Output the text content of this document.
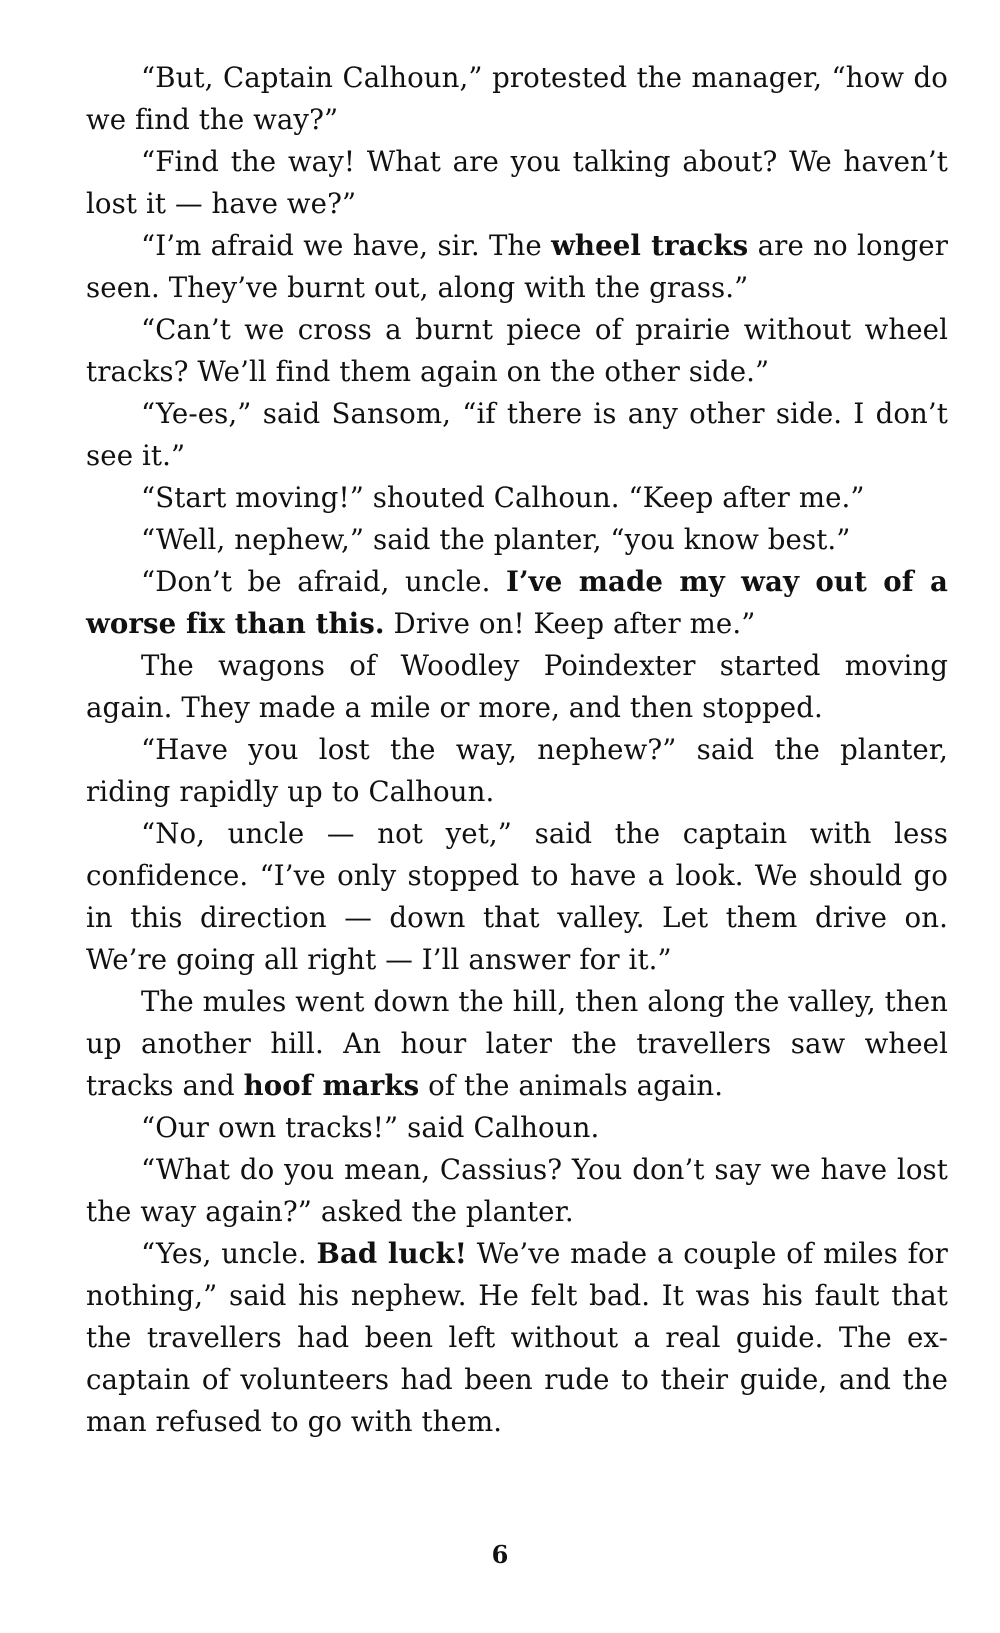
“But, Captain Calhoun,” protested the manager, “how do we find the way?”

“Find the way! What are you talking about? We haven’t lost it — have we?”

“I’m afraid we have, sir. The wheel tracks are no longer seen. They’ve burnt out, along with the grass.”

“Can’t we cross a burnt piece of prairie without wheel tracks? We’ll find them again on the other side.”

“Ye-es,” said Sansom, “if there is any other side. I don’t see it.”

“Start moving!” shouted Calhoun. “Keep after me.”

“Well, nephew,” said the planter, “you know best.”

“Don’t be afraid, uncle. I’ve made my way out of a worse fix than this. Drive on! Keep after me.”

The wagons of Woodley Poindexter started moving again. They made a mile or more, and then stopped.

“Have you lost the way, nephew?” said the planter, riding rapidly up to Calhoun.

“No, uncle — not yet,” said the captain with less confidence. “I’ve only stopped to have a look. We should go in this direction — down that valley. Let them drive on. We’re going all right — I’ll answer for it.”

The mules went down the hill, then along the valley, then up another hill. An hour later the travellers saw wheel tracks and hoof marks of the animals again.

“Our own tracks!” said Calhoun.

“What do you mean, Cassius? You don’t say we have lost the way again?” asked the planter.

“Yes, uncle. Bad luck! We’ve made a couple of miles for nothing,” said his nephew. He felt bad. It was his fault that the travellers had been left without a real guide. The ex-captain of volunteers had been rude to their guide, and the man refused to go with them.

6
